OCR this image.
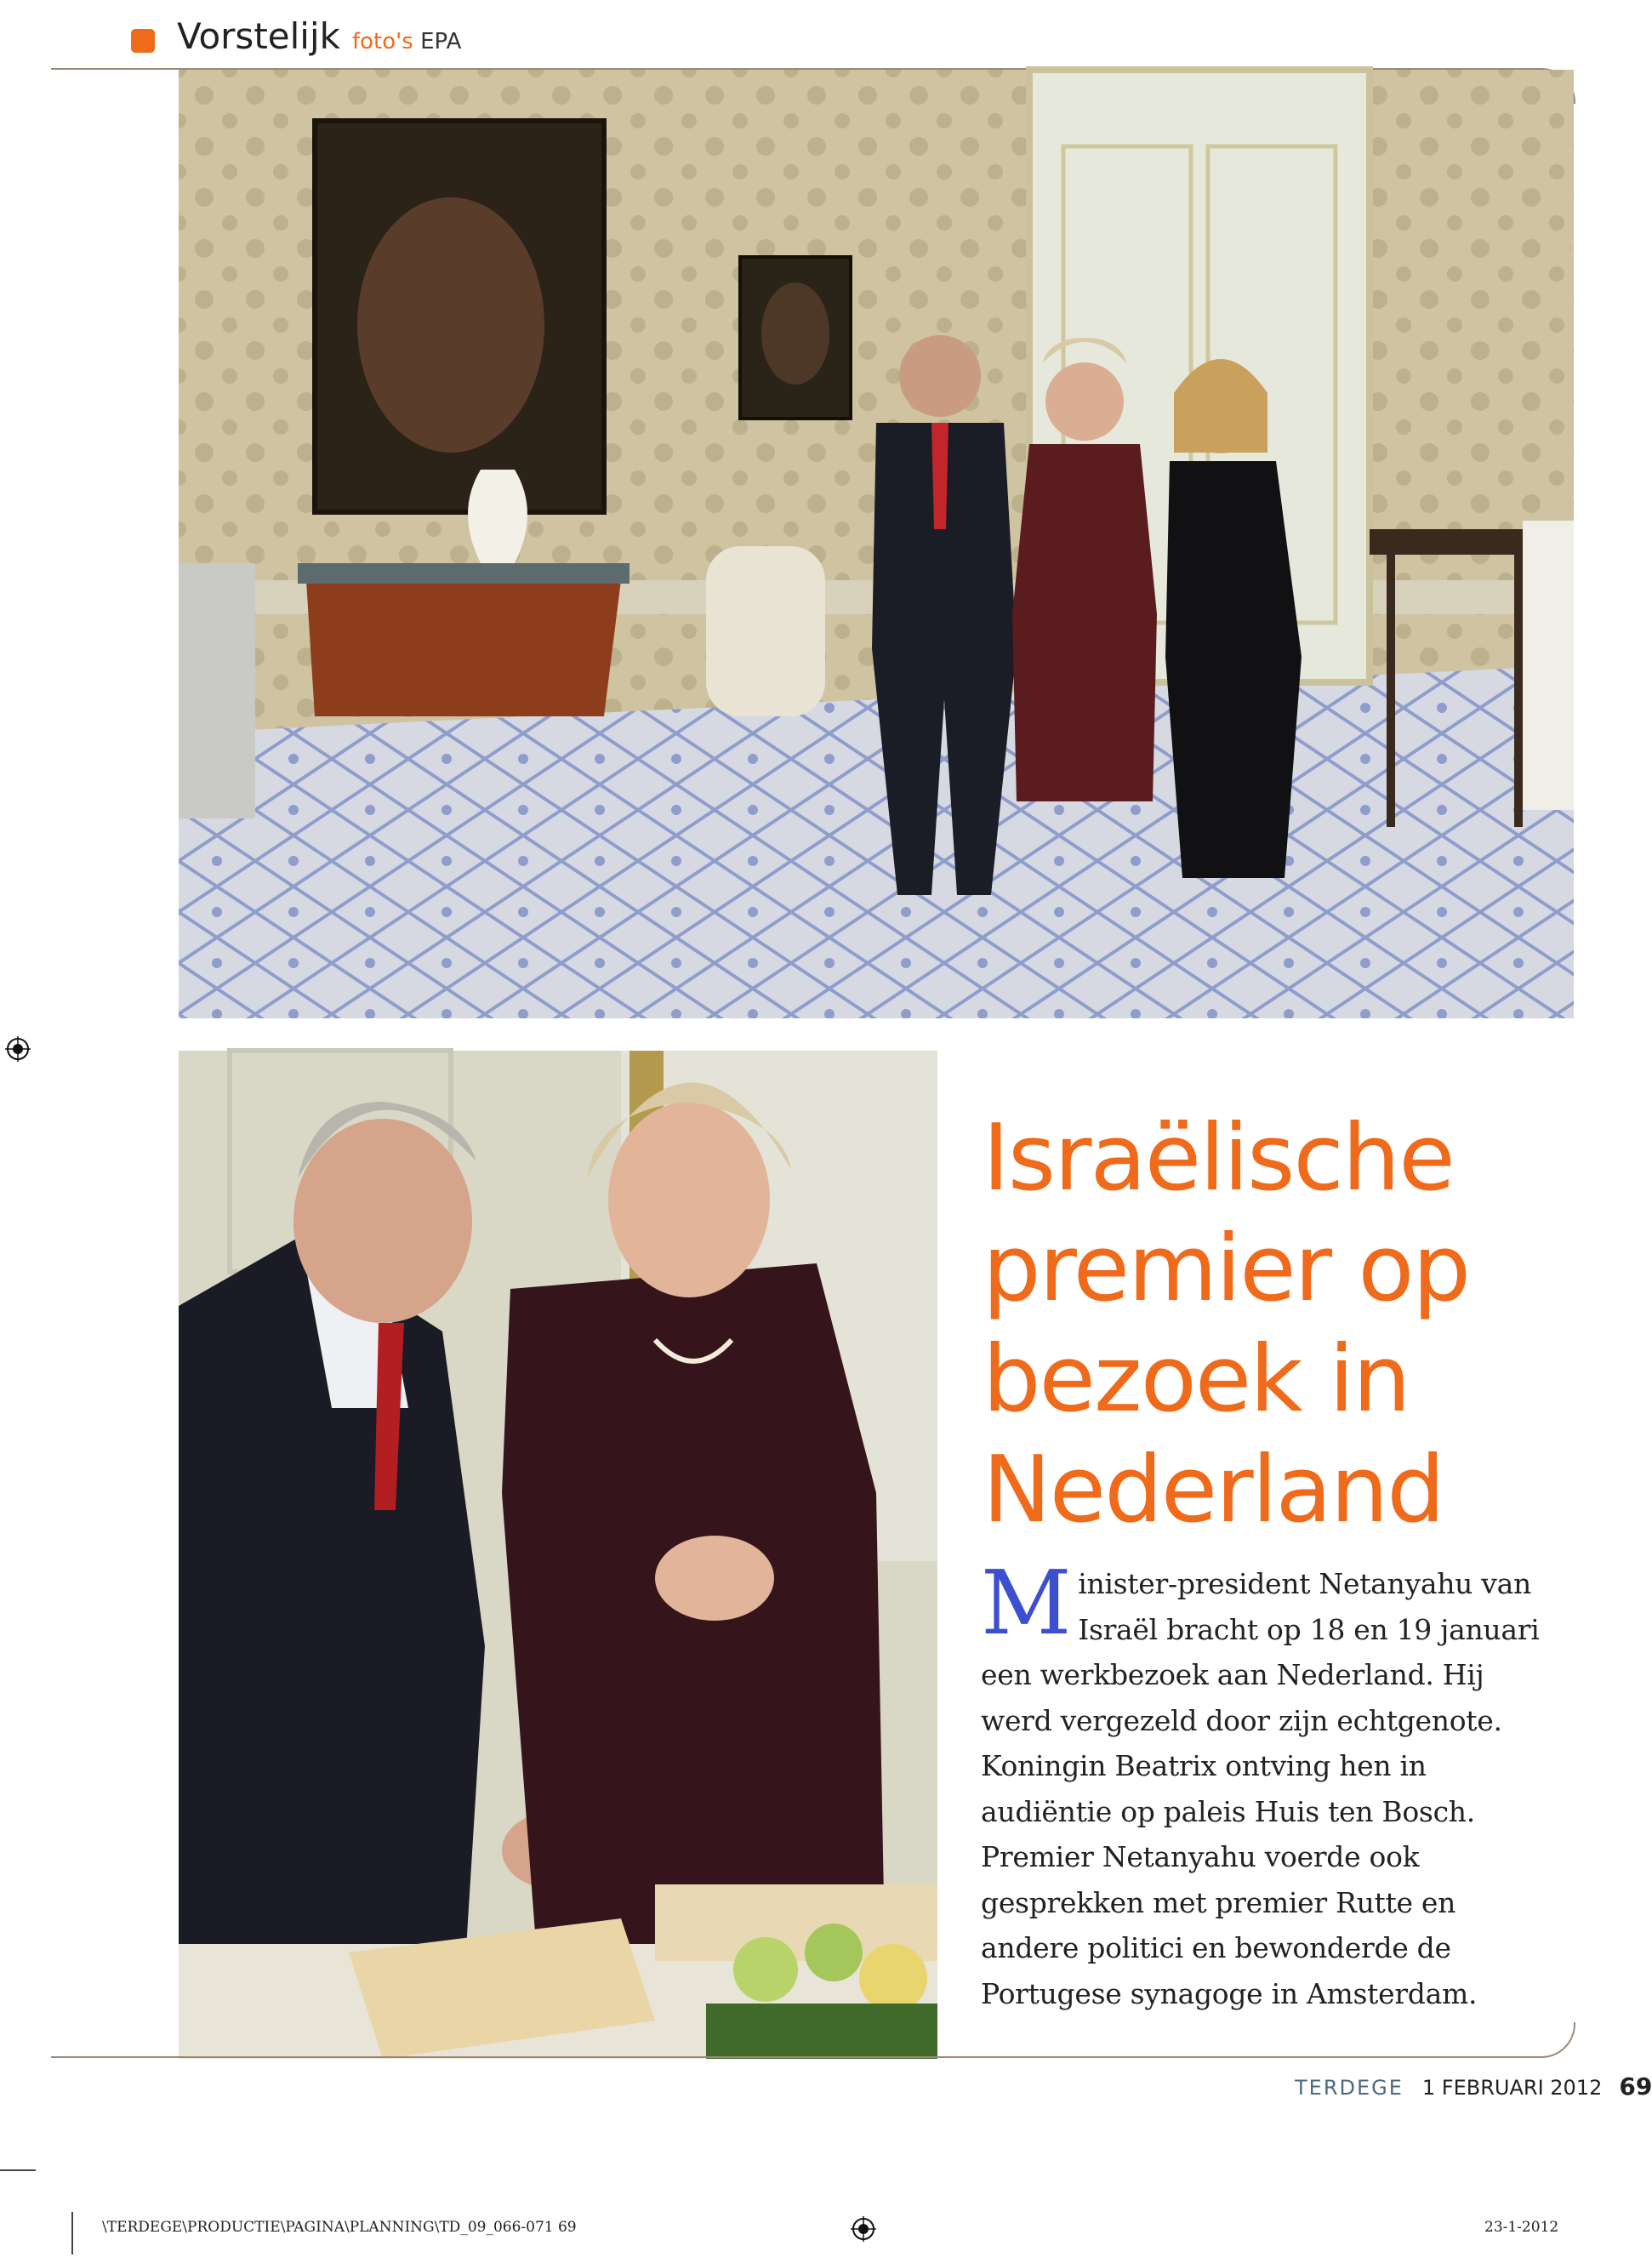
Vorstelijk foto's EPA
Israëlische
premier op
bezoek in
Nederland
Minister-president Netanyahu van Israël bracht op 18 en 19 januari een werkbezoek aan Nederland. Hij werd vergezeld door zijn echtgenote. Koningin Beatrix ontving hen in audiëntie op paleis Huis ten Bosch. Premier Netanyahu voerde ook gesprekken met premier Rutte en andere politici en bewonderde de Portugese synagoge in Amsterdam.
TERDEGE 1 FEBRUARI 2012 69
\TERDEGE\PRODUCTIE\PAGINA\PLANNING\TD_09_066-071 69	23-1-2012
